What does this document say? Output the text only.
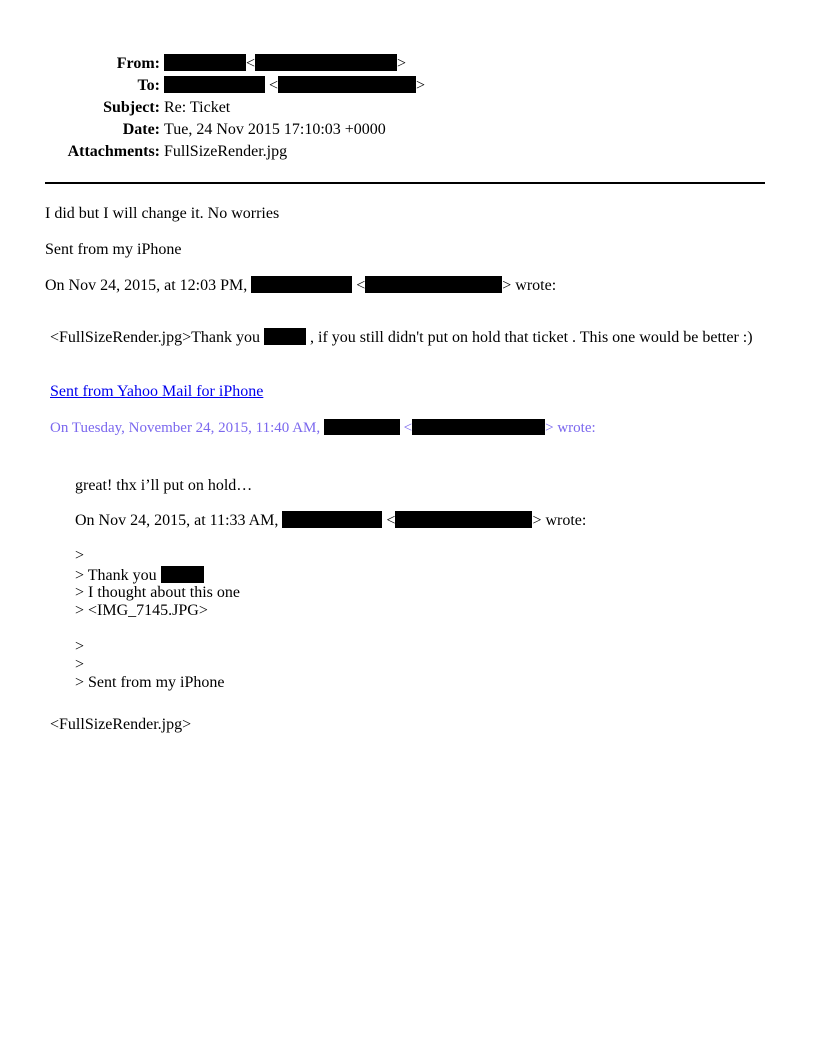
From:	<	>
To:	<	>
Subject: Re: Ticket
Date: Tue, 24 Nov 2015 17:10:03 +0000
Attachments: FullSizeRender.jpg
I did but I will change it. No worries
Sent from my iPhone
On Nov 24, 2015, at 12:03 PM,	<	> wrote:
<FullSizeRender.jpg>Thank you	, if you still didn't put on hold that ticket . This one would be better :)
Sent from Yahoo Mail for iPhone
On Tuesday, November 24, 2015, 11:40 AM,	<	> wrote:
great! thx i’ll put on hold…
On Nov 24, 2015, at 11:33 AM,	<	> wrote:
>
> Thank you
> I thought about this one
> <IMG_7145.JPG>
>
>
> Sent from my iPhone
<FullSizeRender.jpg>
